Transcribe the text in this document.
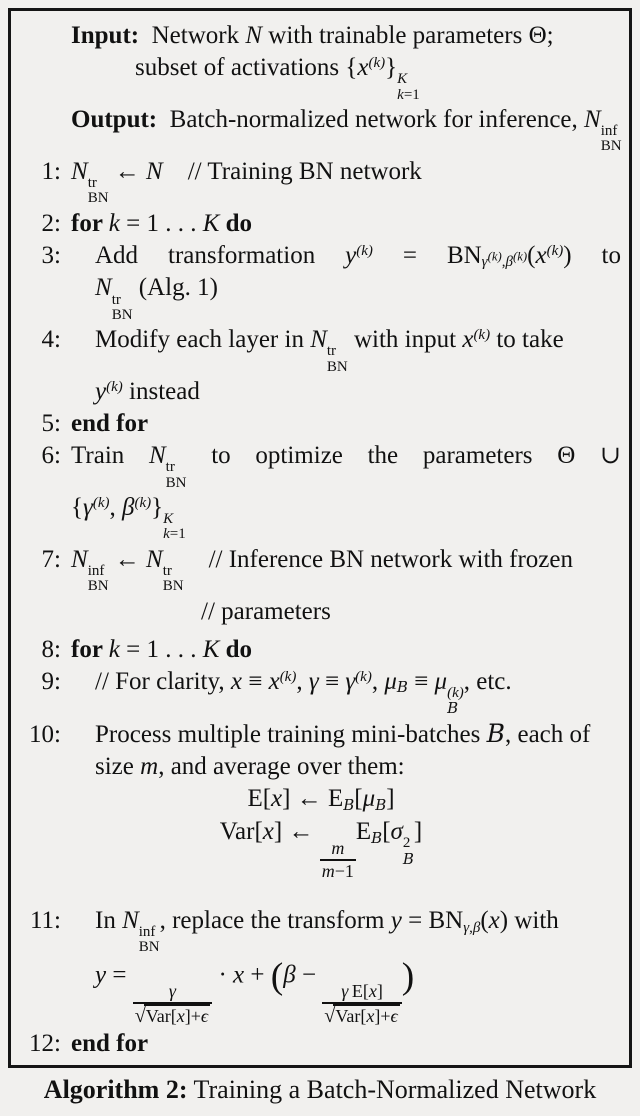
Input: Network N with trainable parameters Θ;
subset of activations $\{x^{(k)}\}$ K
k=1
Output: Batch-normalized network for inference, N inf
BN
1: N tr
BN
← N  // Training BN network
2: for k = 1 . . . K do
3: Add transformation $y^{(k)} = BN_{\gamma^{(k)},\beta^{(k)}}(x^{(k)})$ to
N tr
BN
(Alg. 1)
4:	Modify each layer in N tr
BN
with input $x^{(k)}$ to take
$y^{(k)}$ instead
5: end for
6: Train N tr
BN
to optimize the parameters Θ ∪
{$\gamma^{(k)}$, $\beta^{(k)}$} K
k=1
7: N inf
BN
← N tr
BN
  // Inference BN network with frozen
// parameters
8: for k = 1 . . . K do
9:	// For clarity, $x \equiv x^{(k)}$, $\gamma \equiv \gamma^{(k)}$, $\mu_B \equiv \mu$ (k)
B
, etc.
10:	Process multiple training mini-batches B, each of
size m, and average over them:
E[x] ← $E_B[\mu_B]$
Var[x] ←
$\frac{m}{m-1}$
$E_B[\sigma$ 2
B
]
11:	In N inf
BN
, replace the transform $y = BN_{\gamma,\beta}(x)$ with
y =
$\frac{\gamma}{\text{√ Var[x]+ϵ}}$
· x + (β −
$\frac{\text{γ E[x]}}{\text{√ Var[x]+ϵ}}$
)
12: end for
Algorithm 2: Training a Batch-Normalized Network
